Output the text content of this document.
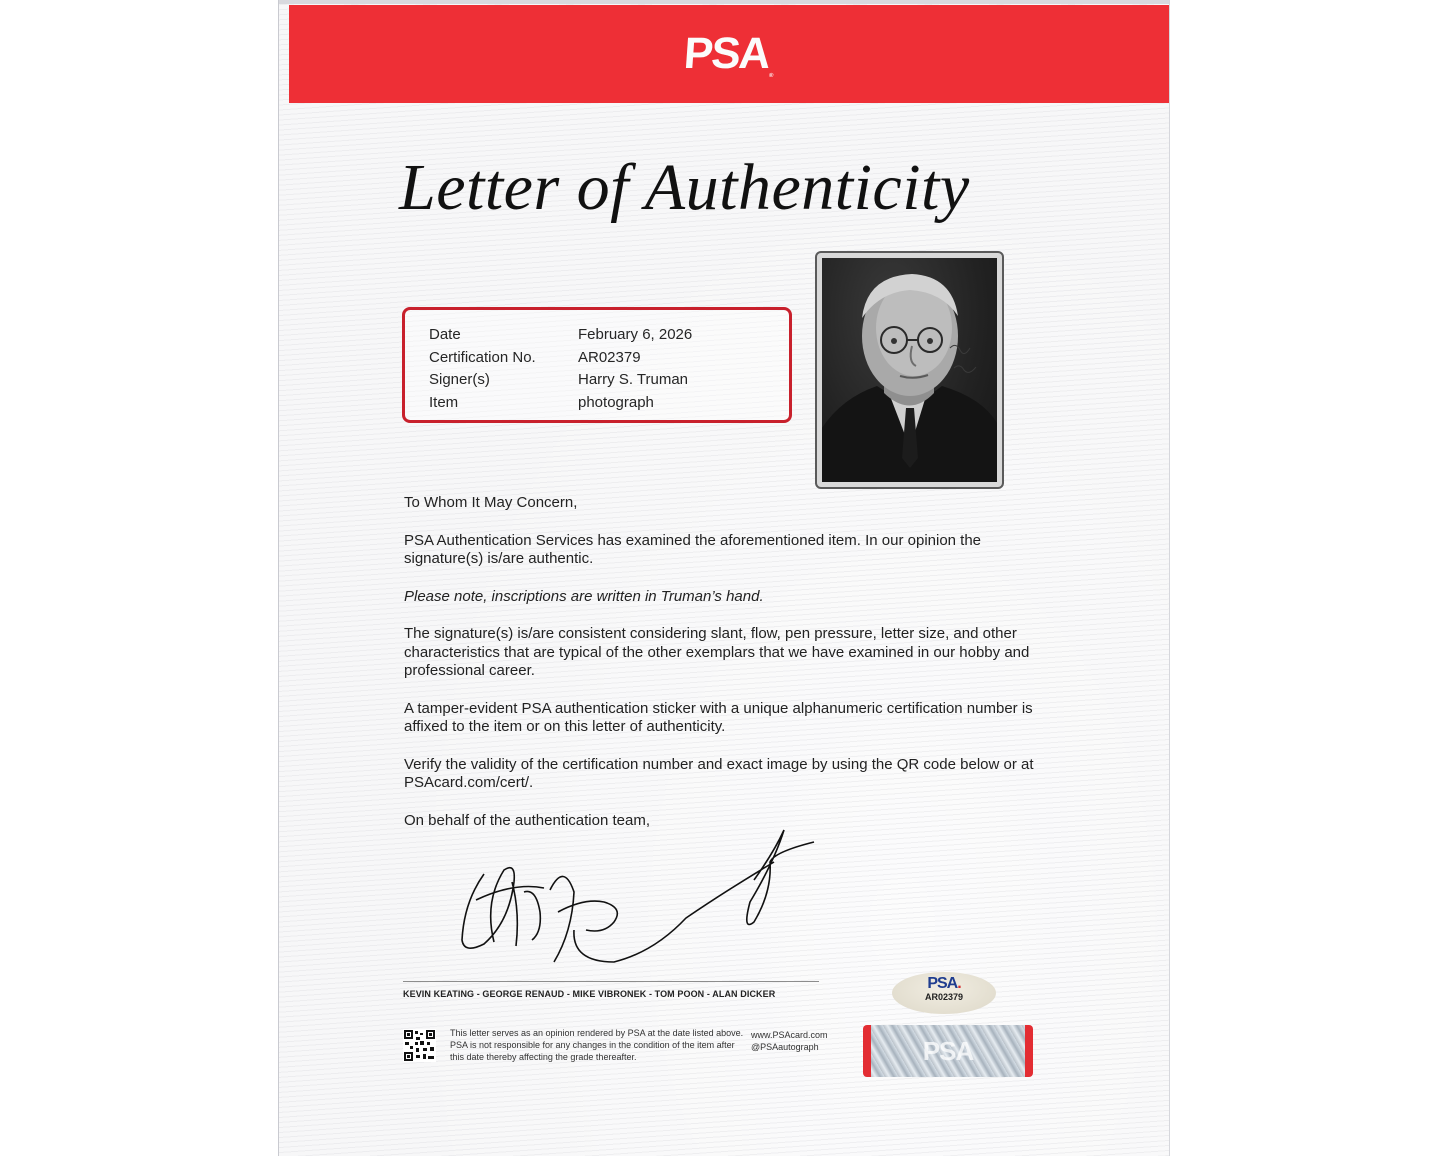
PSA®
Letter of Authenticity
Date	February 6, 2026
Certification No.	AR02379
Signer(s)	Harry S. Truman
Item	photograph

To Whom It May Concern,

PSA Authentication Services has examined the aforementioned item. In our opinion the signature(s) is/are authentic.

Please note, inscriptions are written in Truman’s hand.

The signature(s) is/are consistent considering slant, flow, pen pressure, letter size, and other characteristics that are typical of the other exemplars that we have examined in our hobby and professional career.

A tamper-evident PSA authentication sticker with a unique alphanumeric certification number is affixed to the item or on this letter of authenticity.

Verify the validity of the certification number and exact image by using the QR code below or at PSAcard.com/cert/.

On behalf of the authentication team,

KEVIN KEATING - GEORGE RENAUD - MIKE VIBRONEK - TOM POON - ALAN DICKER
This letter serves as an opinion rendered by PSA at the date listed above. PSA is not responsible for any changes in the condition of the item after this date thereby affecting the grade thereafter.
www.PSAcard.com
@PSAautograph
PSA.
AR02379
PSA
